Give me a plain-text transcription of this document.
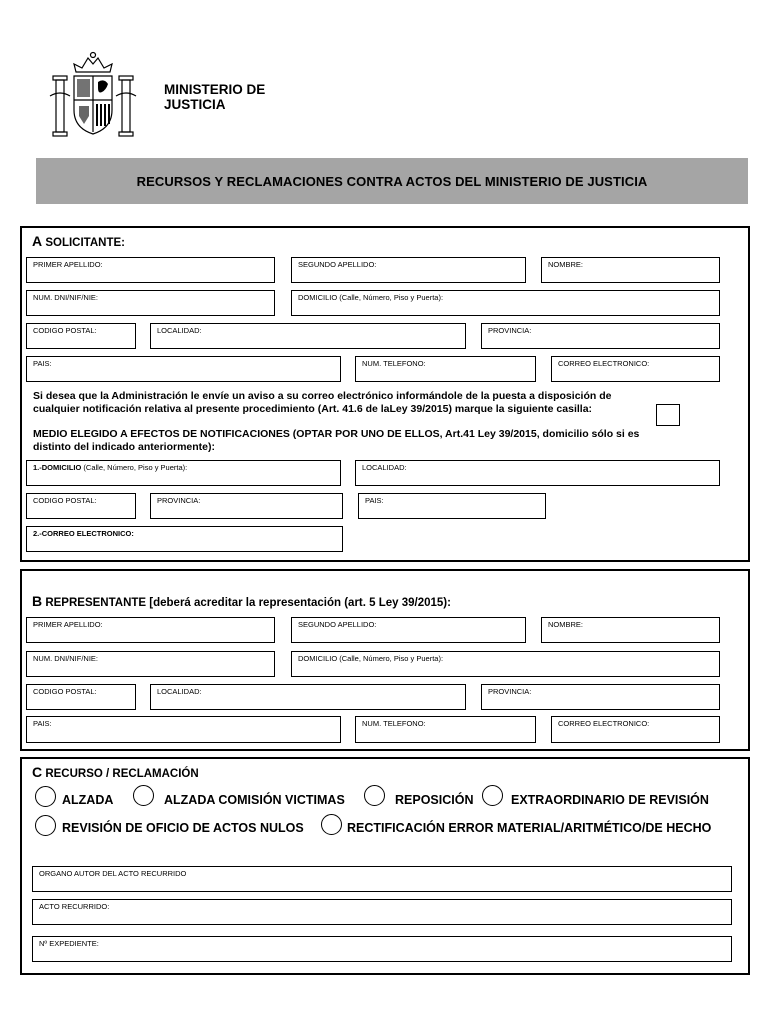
MINISTERIO DE
JUSTICIA
RECURSOS Y RECLAMACIONES CONTRA ACTOS DEL MINISTERIO DE JUSTICIA
A SOLICITANTE:
PRIMER APELLIDO:	SEGUNDO APELLIDO:	NOMBRE:
NUM. DNI/NIF/NIE:	DOMICILIO (Calle, Número, Piso y Puerta):
CODIGO POSTAL:	LOCALIDAD:	PROVINCIA:
PAIS:	NUM. TELEFONO:	CORREO ELECTRONICO:
Si desea que la Administración le envíe un aviso a su correo electrónico informándole de la puesta a disposición de
cualquier notificación relativa al presente procedimiento (Art. 41.6 de laLey 39/2015) marque la siguiente casilla:
MEDIO ELEGIDO A EFECTOS DE NOTIFICACIONES (OPTAR POR UNO DE ELLOS, Art.41 Ley 39/2015, domicilio sólo si es
distinto del indicado anteriormente):
1.-DOMICILIO (Calle, Número, Piso y Puerta):	LOCALIDAD:
CODIGO POSTAL:	PROVINCIA:	PAIS:
2.-CORREO ELECTRONICO:
B REPRESENTANTE [deberá acreditar la representación (art. 5 Ley 39/2015):
PRIMER APELLIDO:	SEGUNDO APELLIDO:	NOMBRE:
NUM. DNI/NIF/NIE:	DOMICILIO (Calle, Número, Piso y Puerta):
CODIGO POSTAL:	LOCALIDAD:	PROVINCIA:
PAIS:	NUM. TELEFONO:	CORREO ELECTRONICO:
C RECURSO / RECLAMACIÓN
ALZADA	ALZADA COMISIÓN VICTIMAS	REPOSICIÓN	EXTRAORDINARIO DE REVISIÓN
REVISIÓN DE OFICIO DE ACTOS NULOS	RECTIFICACIÓN ERROR MATERIAL/ARITMÉTICO/DE HECHO
ORGANO AUTOR DEL ACTO RECURRIDO
ACTO RECURRIDO:
Nº EXPEDIENTE:
